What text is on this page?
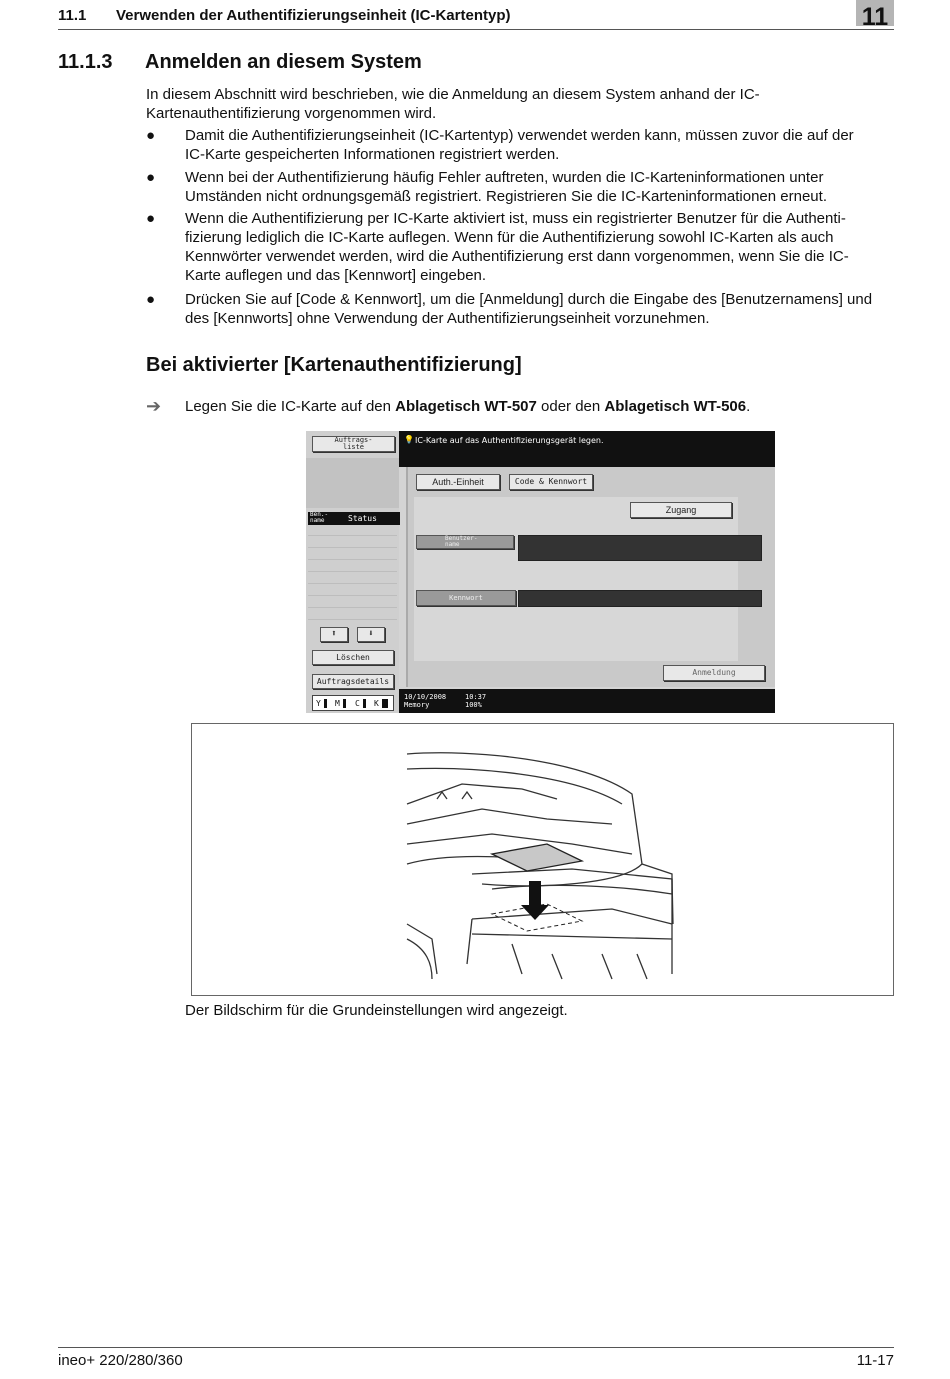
11.1 Verwenden der Authentifizierungseinheit (IC-Kartentyp)	11
11.1.3 Anmelden an diesem System
In diesem Abschnitt wird beschrieben, wie die Anmeldung an diesem System anhand der IC-
Kartenauthentifizierung vorgenommen wird.
● Damit die Authentifizierungseinheit (IC-Kartentyp) verwendet werden kann, müssen zuvor die auf der
IC-Karte gespeicherten Informationen registriert werden.
● Wenn bei der Authentifizierung häufig Fehler auftreten, wurden die IC-Karteninformationen unter
Umständen nicht ordnungsgemäß registriert. Registrieren Sie die IC-Karteninformationen erneut.
● Wenn die Authentifizierung per IC-Karte aktiviert ist, muss ein registrierter Benutzer für die Authenti-
fizierung lediglich die IC-Karte auflegen. Wenn für die Authentifizierung sowohl IC-Karten als auch
Kennwörter verwendet werden, wird die Authentifizierung erst dann vorgenommen, wenn Sie die IC-
Karte auflegen und das [Kennwort] eingeben.
● Drücken Sie auf [Code & Kennwort], um die [Anmeldung] durch die Eingabe des [Benutzernamens] und
des [Kennworts] ohne Verwendung der Authentifizierungseinheit vorzunehmen.
Bei aktivierter [Kartenauthentifizierung]
➔ Legen Sie die IC-Karte auf den Ablagetisch WT-507 oder den Ablagetisch WT-506.
Auftrags-
liste
Ben.-
name	Status
⬆	⬇
Löschen
Auftragsdetails
Y M C K
💡 IC-Karte auf das Authentifizierungsgerät legen.
Auth.-Einheit	Code & Kennwort
Zugang
Benutzer-
name
Kennwort
Anmeldung
10/10/2008	10:37
Memory	100%
Der Bildschirm für die Grundeinstellungen wird angezeigt.
ineo+ 220/280/360	11-17
